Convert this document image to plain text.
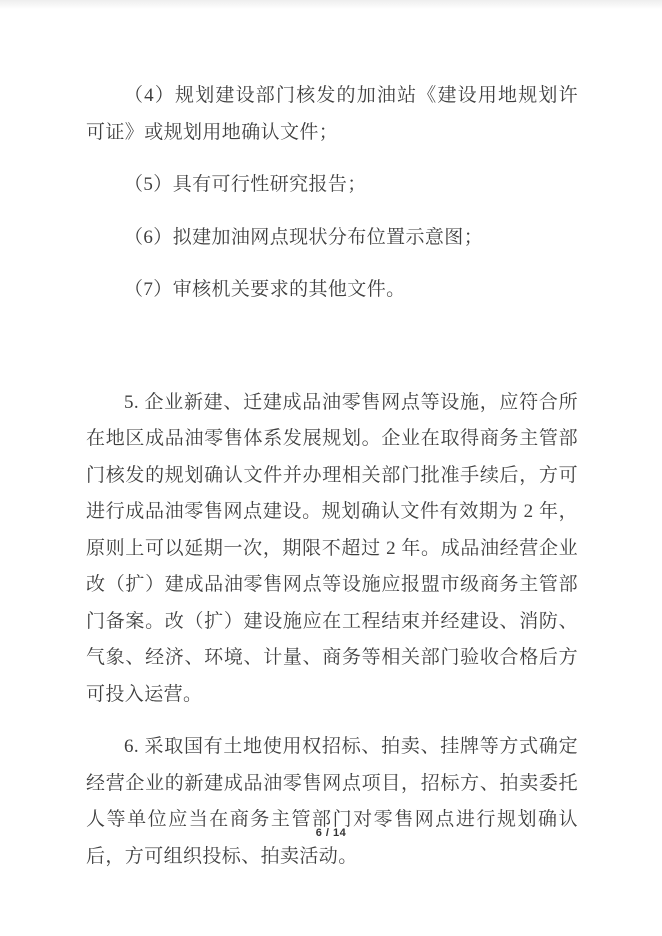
（4）规划建设部门核发的加油站《建设用地规划许可证》或规划用地确认文件；

（5）具有可行性研究报告；

（6）拟建加油网点现状分布位置示意图；

（7）审核机关要求的其他文件。

5. 企业新建、迁建成品油零售网点等设施，应符合所在地区成品油零售体系发展规划。企业在取得商务主管部门核发的规划确认文件并办理相关部门批准手续后，方可进行成品油零售网点建设。规划确认文件有效期为 2 年，原则上可以延期一次，期限不超过 2 年。成品油经营企业改（扩）建成品油零售网点等设施应报盟市级商务主管部门备案。改（扩）建设施应在工程结束并经建设、消防、气象、经济、环境、计量、商务等相关部门验收合格后方可投入运营。

6. 采取国有土地使用权招标、拍卖、挂牌等方式确定经营企业的新建成品油零售网点项目，招标方、拍卖委托人等单位应当在商务主管部门对零售网点进行规划确认后，方可组织投标、拍卖活动。

6 / 14
